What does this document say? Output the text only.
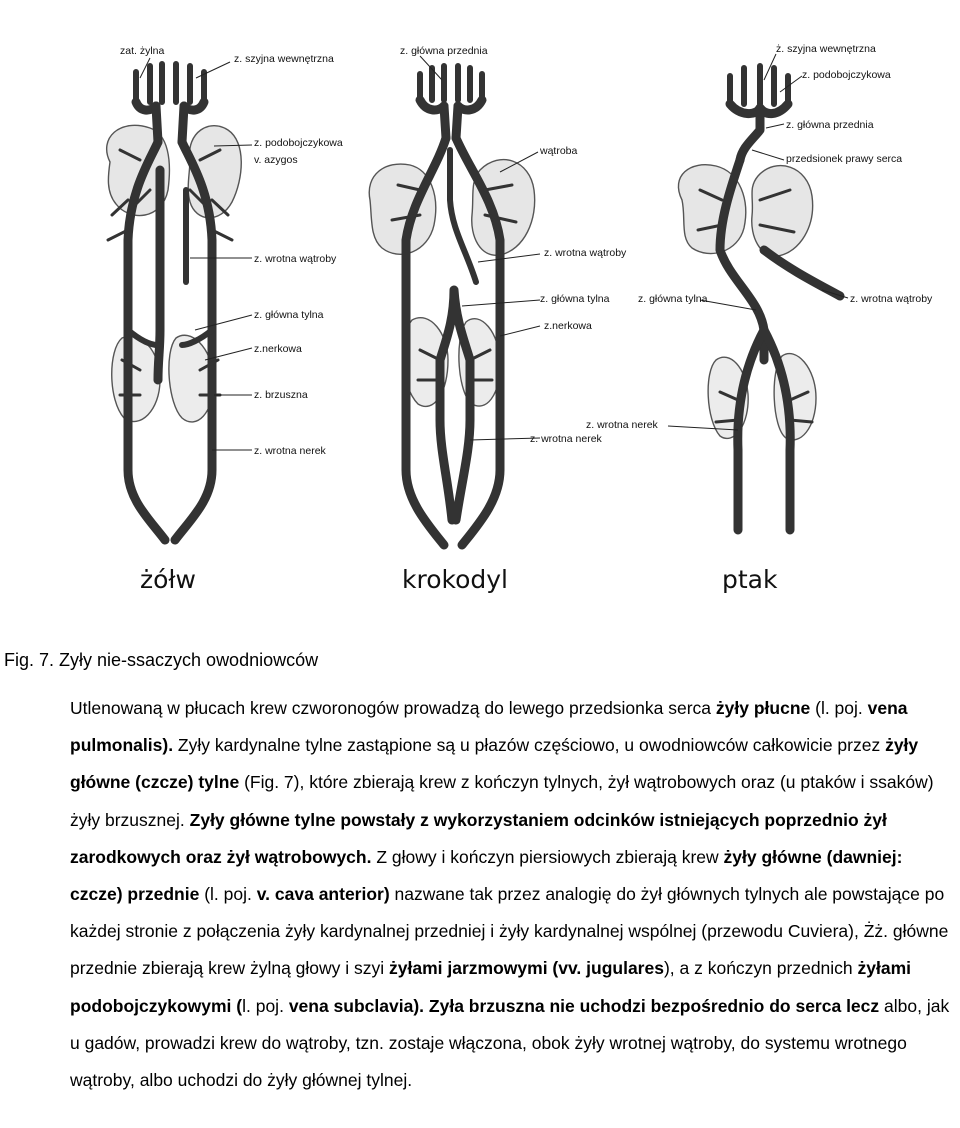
zat. żylna
z. szyjna wewnętrzna
z. podobojczykowa
v. azygos
z. wrotna wątroby
z. główna tylna
z.nerkowa
z. brzuszna
z. wrotna nerek
żółw
z. główna przednia
wątroba
z. wrotna wątroby
z. główna tylna
z.nerkowa
z. wrotna nerek
krokodyl
ż. szyjna wewnętrzna
z. podobojczykowa
z. główna przednia
przedsionek prawy serca
z. główna tylna	z. wrotna wątroby
z. wrotna nerek
ptak
Fig. 7. Zyły nie-ssaczych owodniowców

Utlenowaną w płucach krew czworonogów prowadzą do lewego przedsionka serca żyły płucne (l. poj. vena pulmonalis). Zyły kardynalne tylne zastąpione są u płazów częściowo, u owodniowców całkowicie przez żyły główne (czcze) tylne (Fig. 7), które zbierają krew z kończyn tylnych, żył wątrobowych oraz (u ptaków i ssaków) żyły brzusznej. Zyły główne tylne powstały z wykorzystaniem odcinków istniejących poprzednio żył zarodkowych oraz żył wątrobowych. Z głowy i kończyn piersiowych zbierają krew żyły główne (dawniej: czcze) przednie (l. poj. v. cava anterior) nazwane tak przez analogię do żył głównych tylnych ale powstające po każdej stronie z połączenia żyły kardynalnej przedniej i żyły kardynalnej wspólnej (przewodu Cuviera), Żż. główne przednie zbierają krew żylną głowy i szyi żyłami jarzmowymi (vv. jugulares), a z kończyn przednich żyłami podobojczykowymi (l. poj. vena subclavia). Zyła brzuszna nie uchodzi bezpośrednio do serca lecz albo, jak u gadów, prowadzi krew do wątroby, tzn. zostaje włączona, obok żyły wrotnej wątroby, do systemu wrotnego wątroby, albo uchodzi do żyły głównej tylnej.
